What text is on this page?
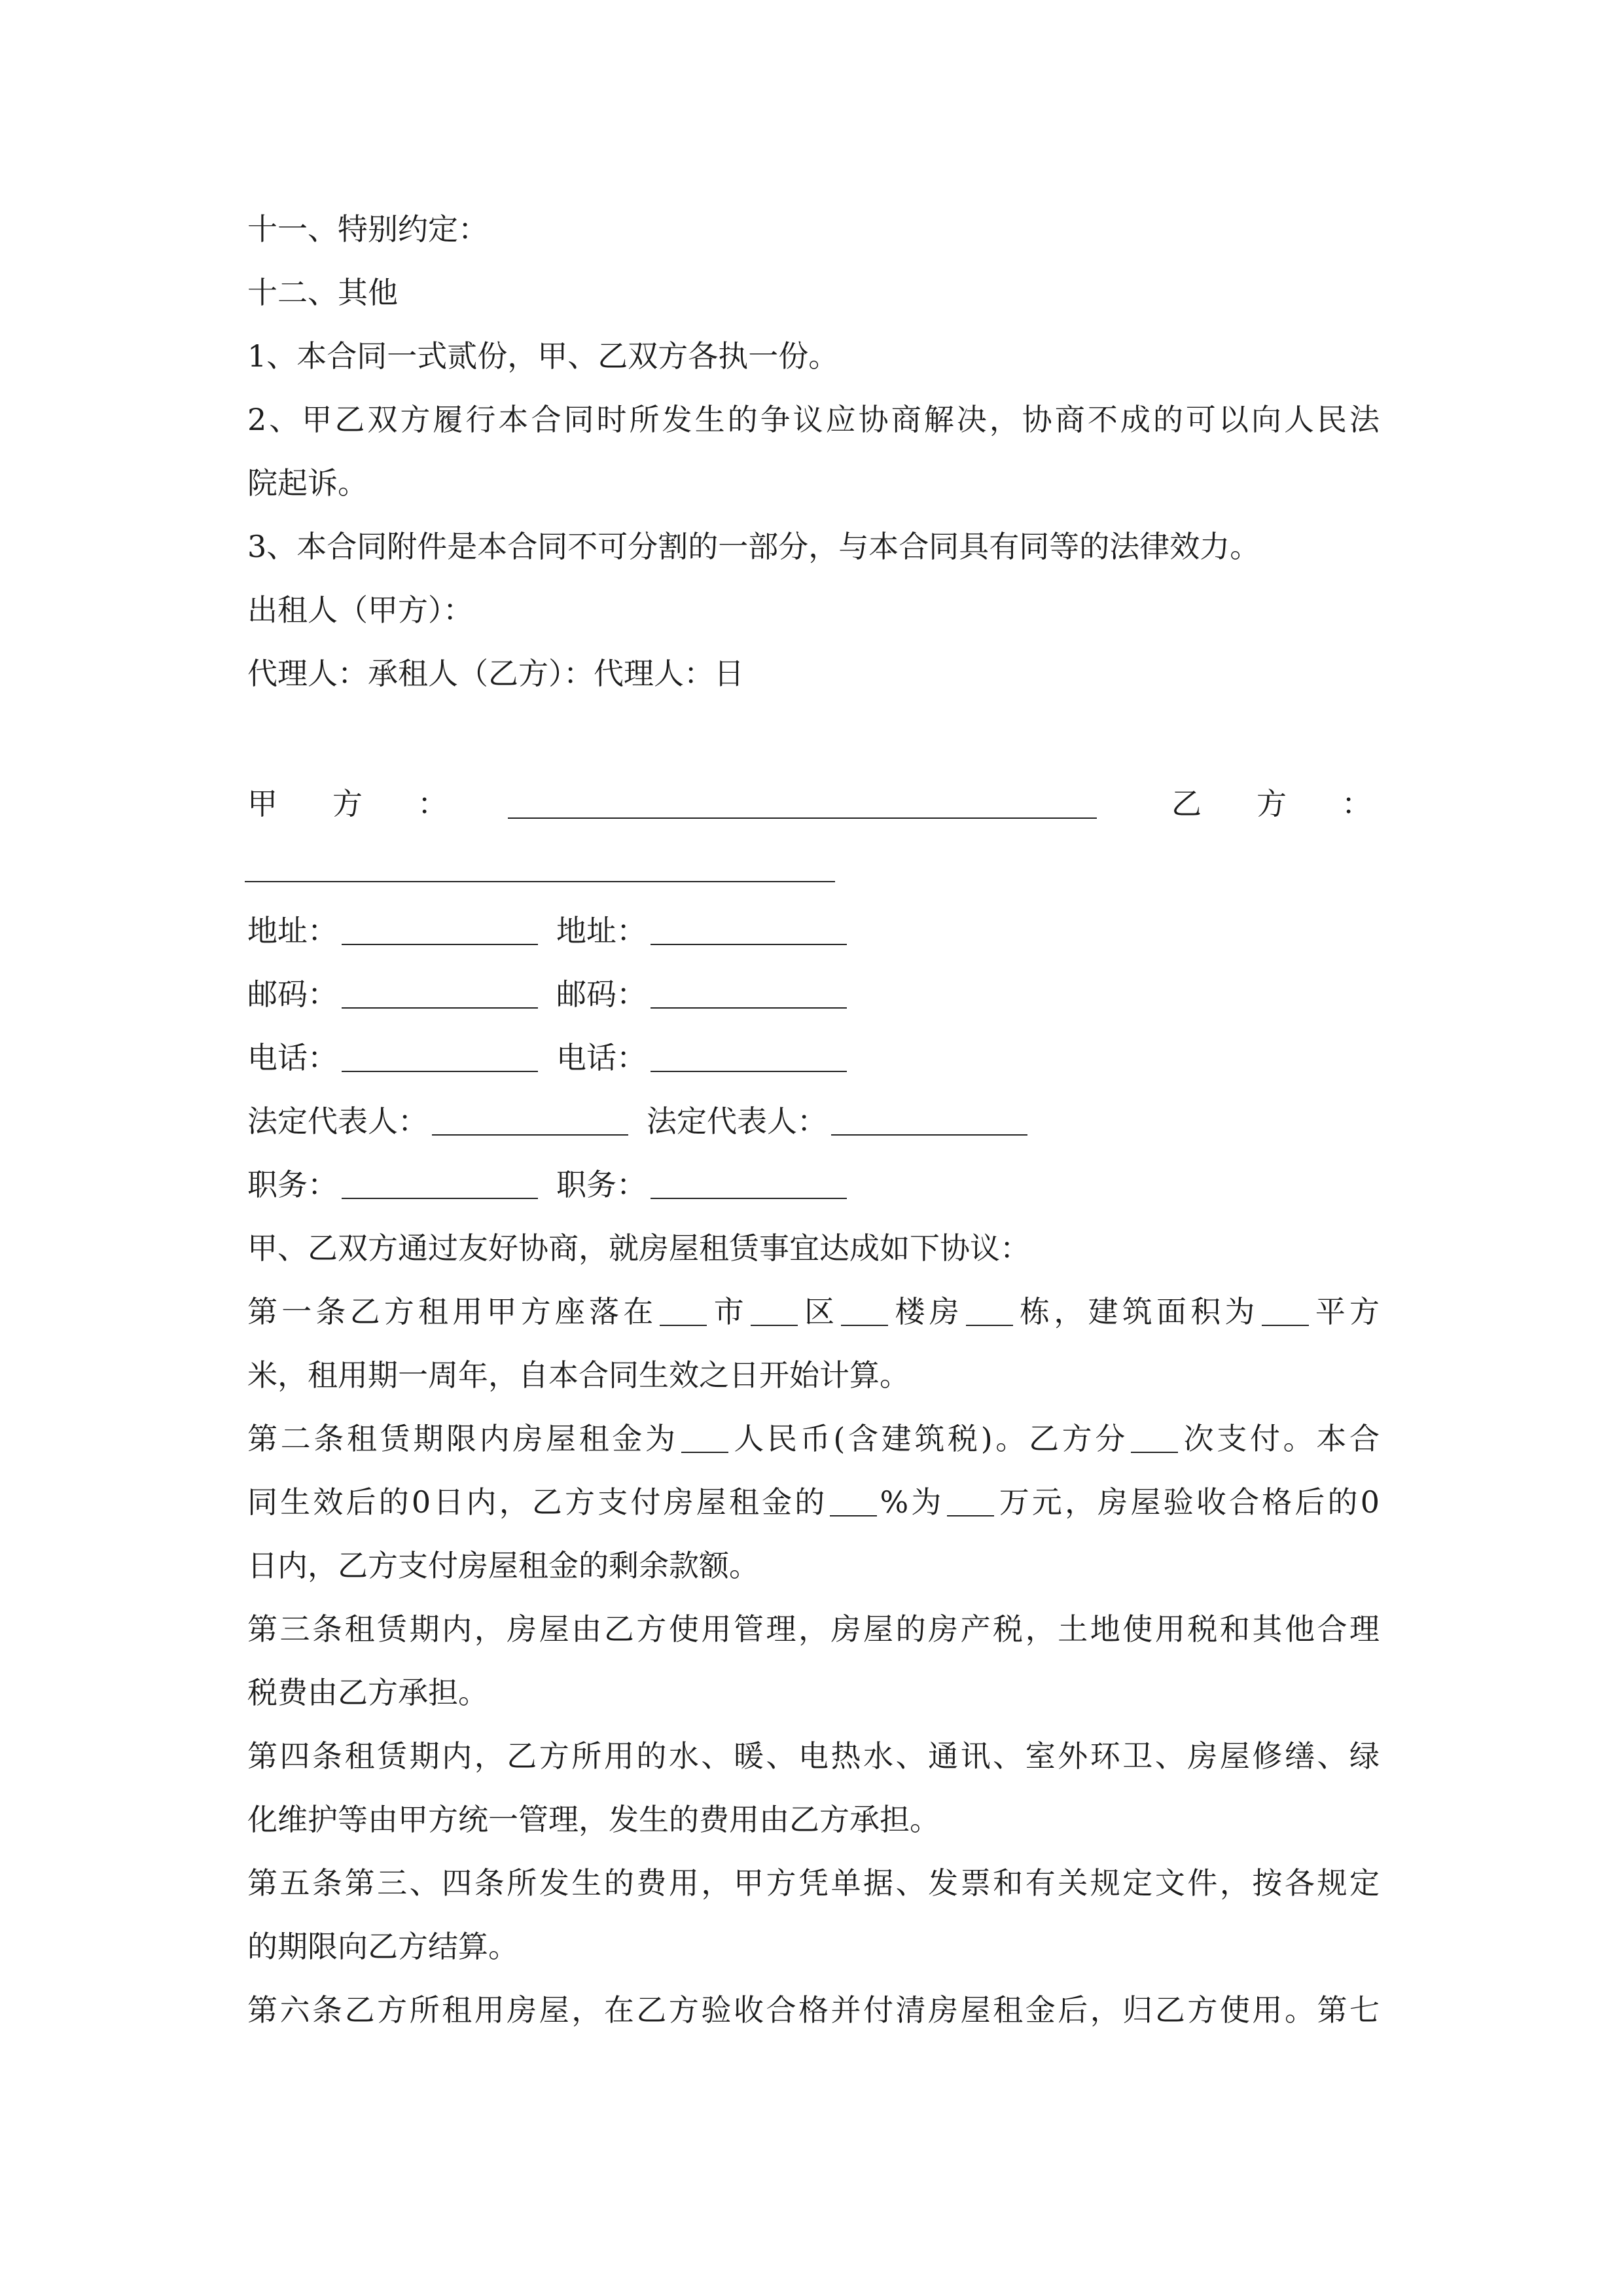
十一、特别约定：
十二、其他
1、本合同一式贰份，甲、乙双方各执一份。
2、甲乙双方履行本合同时所发生的争议应协商解决，协商不成的可以向人民法
院起诉。
3、本合同附件是本合同不可分割的一部分，与本合同具有同等的法律效力。
出租人（甲方）：
代理人：承租人（乙方）：代理人：日
甲 方 ：	乙 方 ：
地址：	地址：
邮码：	邮码：
电话：	电话：
法定代表人：	法定代表人：
职务：	职务：
甲、乙双方通过友好协商，就房屋租赁事宜达成如下协议：
第一条乙方租用甲方座落在 市 区 楼房 栋，建筑面积为 平方
米，租用期一周年，自本合同生效之日开始计算。
第二条租赁期限内房屋租金为 人民币(含建筑税)。乙方分 次支付。本合
同生效后的0日内，乙方支付房屋租金的 %为 万元，房屋验收合格后的0
日内，乙方支付房屋租金的剩余款额。
第三条租赁期内，房屋由乙方使用管理，房屋的房产税，土地使用税和其他合理
税费由乙方承担。
第四条租赁期内，乙方所用的水、暖、电热水、通讯、室外环卫、房屋修缮、绿
化维护等由甲方统一管理，发生的费用由乙方承担。
第五条第三、四条所发生的费用，甲方凭单据、发票和有关规定文件，按各规定
的期限向乙方结算。
第六条乙方所租用房屋，在乙方验收合格并付清房屋租金后，归乙方使用。第七
